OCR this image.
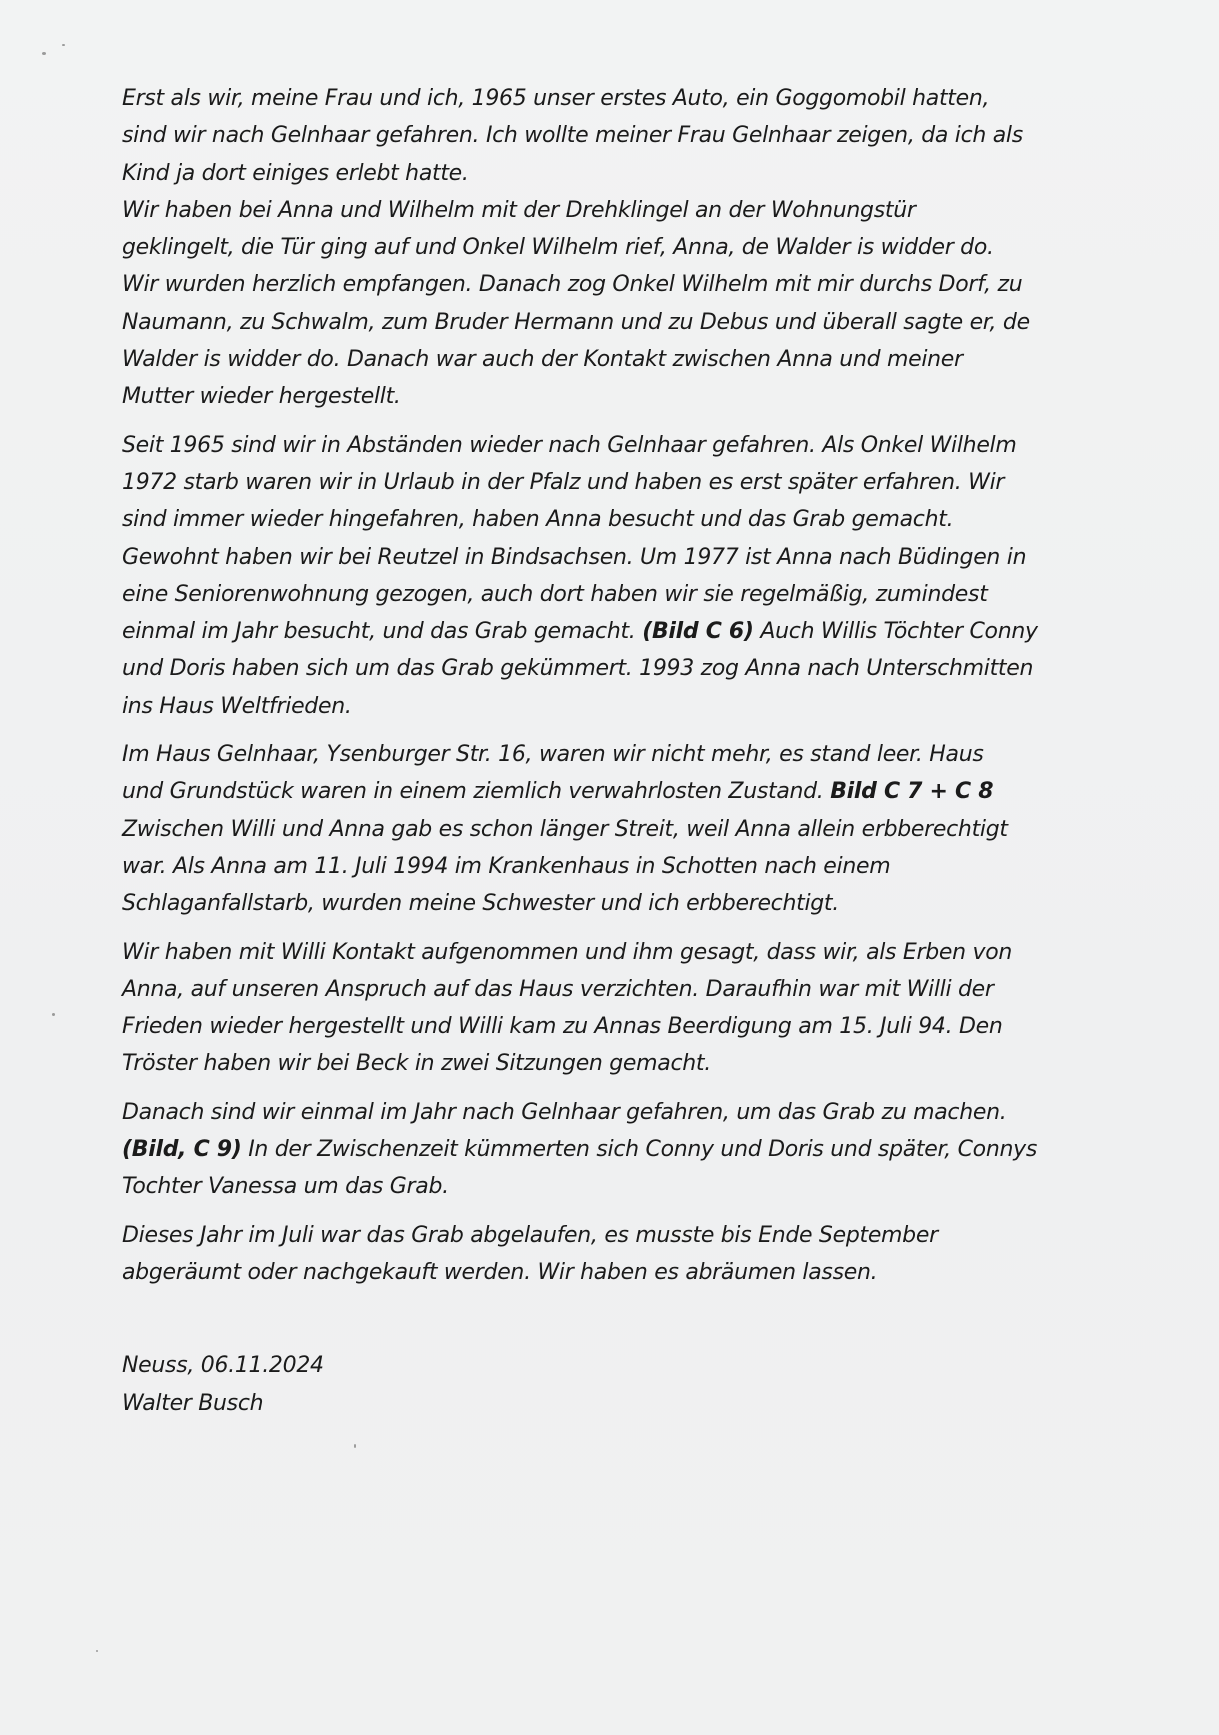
Erst als wir, meine Frau und ich, 1965 unser erstes Auto, ein Goggomobil hatten,
sind wir nach Gelnhaar gefahren. Ich wollte meiner Frau Gelnhaar zeigen, da ich als
Kind ja dort einiges erlebt hatte.
Wir haben bei Anna und Wilhelm mit der Drehklingel an der Wohnungstür
geklingelt, die Tür ging auf und Onkel Wilhelm rief, Anna, de Walder is widder do.
Wir wurden herzlich empfangen. Danach zog Onkel Wilhelm mit mir durchs Dorf, zu
Naumann, zu Schwalm, zum Bruder Hermann und zu Debus und überall sagte er, de
Walder is widder do. Danach war auch der Kontakt zwischen Anna und meiner
Mutter wieder hergestellt.
Seit 1965 sind wir in Abständen wieder nach Gelnhaar gefahren. Als Onkel Wilhelm
1972 starb waren wir in Urlaub in der Pfalz und haben es erst später erfahren. Wir
sind immer wieder hingefahren, haben Anna besucht und das Grab gemacht.
Gewohnt haben wir bei Reutzel in Bindsachsen. Um 1977 ist Anna nach Büdingen in
eine Seniorenwohnung gezogen, auch dort haben wir sie regelmäßig, zumindest
einmal im Jahr besucht, und das Grab gemacht. (Bild C 6) Auch Willis Töchter Conny
und Doris haben sich um das Grab gekümmert. 1993 zog Anna nach Unterschmitten
ins Haus Weltfrieden.
Im Haus Gelnhaar, Ysenburger Str. 16, waren wir nicht mehr, es stand leer. Haus
und Grundstück waren in einem ziemlich verwahrlosten Zustand. Bild C 7 + C 8
Zwischen Willi und Anna gab es schon länger Streit, weil Anna allein erbberechtigt
war. Als Anna am 11. Juli 1994 im Krankenhaus in Schotten nach einem
Schlaganfallstarb, wurden meine Schwester und ich erbberechtigt.
Wir haben mit Willi Kontakt aufgenommen und ihm gesagt, dass wir, als Erben von
Anna, auf unseren Anspruch auf das Haus verzichten. Daraufhin war mit Willi der
Frieden wieder hergestellt und Willi kam zu Annas Beerdigung am 15. Juli 94. Den
Tröster haben wir bei Beck in zwei Sitzungen gemacht.
Danach sind wir einmal im Jahr nach Gelnhaar gefahren, um das Grab zu machen.
(Bild, C 9) In der Zwischenzeit kümmerten sich Conny und Doris und später, Connys
Tochter Vanessa um das Grab.
Dieses Jahr im Juli war das Grab abgelaufen, es musste bis Ende September
abgeräumt oder nachgekauft werden. Wir haben es abräumen lassen.
Neuss, 06.11.2024
Walter Busch
